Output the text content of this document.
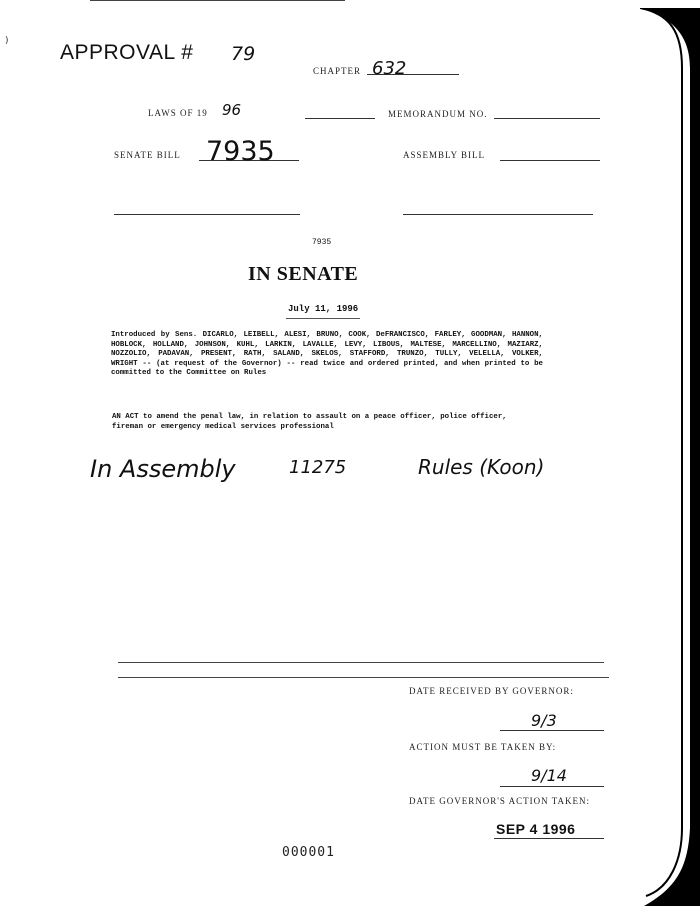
) APPROVAL # 79
CHAPTER 632
LAWS OF 19 96	MEMORANDUM NO.
SENATE BILL 7935	ASSEMBLY BILL
7935
IN SENATE
July 11, 1996
Introduced by Sens. DICARLO, LEIBELL, ALESI, BRUNO, COOK, DeFRANCISCO, FARLEY, GOODMAN, HANNON, HOBLOCK, HOLLAND, JOHNSON, KUHL, LARKIN, LAVALLE, LEVY, LIBOUS, MALTESE, MARCELLINO, MAZIARZ, NOZZOLIO, PADAVAN, PRESENT, RATH, SALAND, SKELOS, STAFFORD, TRUNZO, TULLY, VELELLA, VOLKER, WRIGHT -- (at request of the Governor) -- read twice and ordered printed, and when printed to be committed to the Committee on Rules
AN ACT to amend the penal law, in relation to assault on a peace officer, police officer, fireman or emergency medical services professional
In Assembly	11275	Rules (Koon)
DATE RECEIVED BY GOVERNOR:
9/3
ACTION MUST BE TAKEN BY:
9/14
DATE GOVERNOR'S ACTION TAKEN:
SEP 4 1996
000001
